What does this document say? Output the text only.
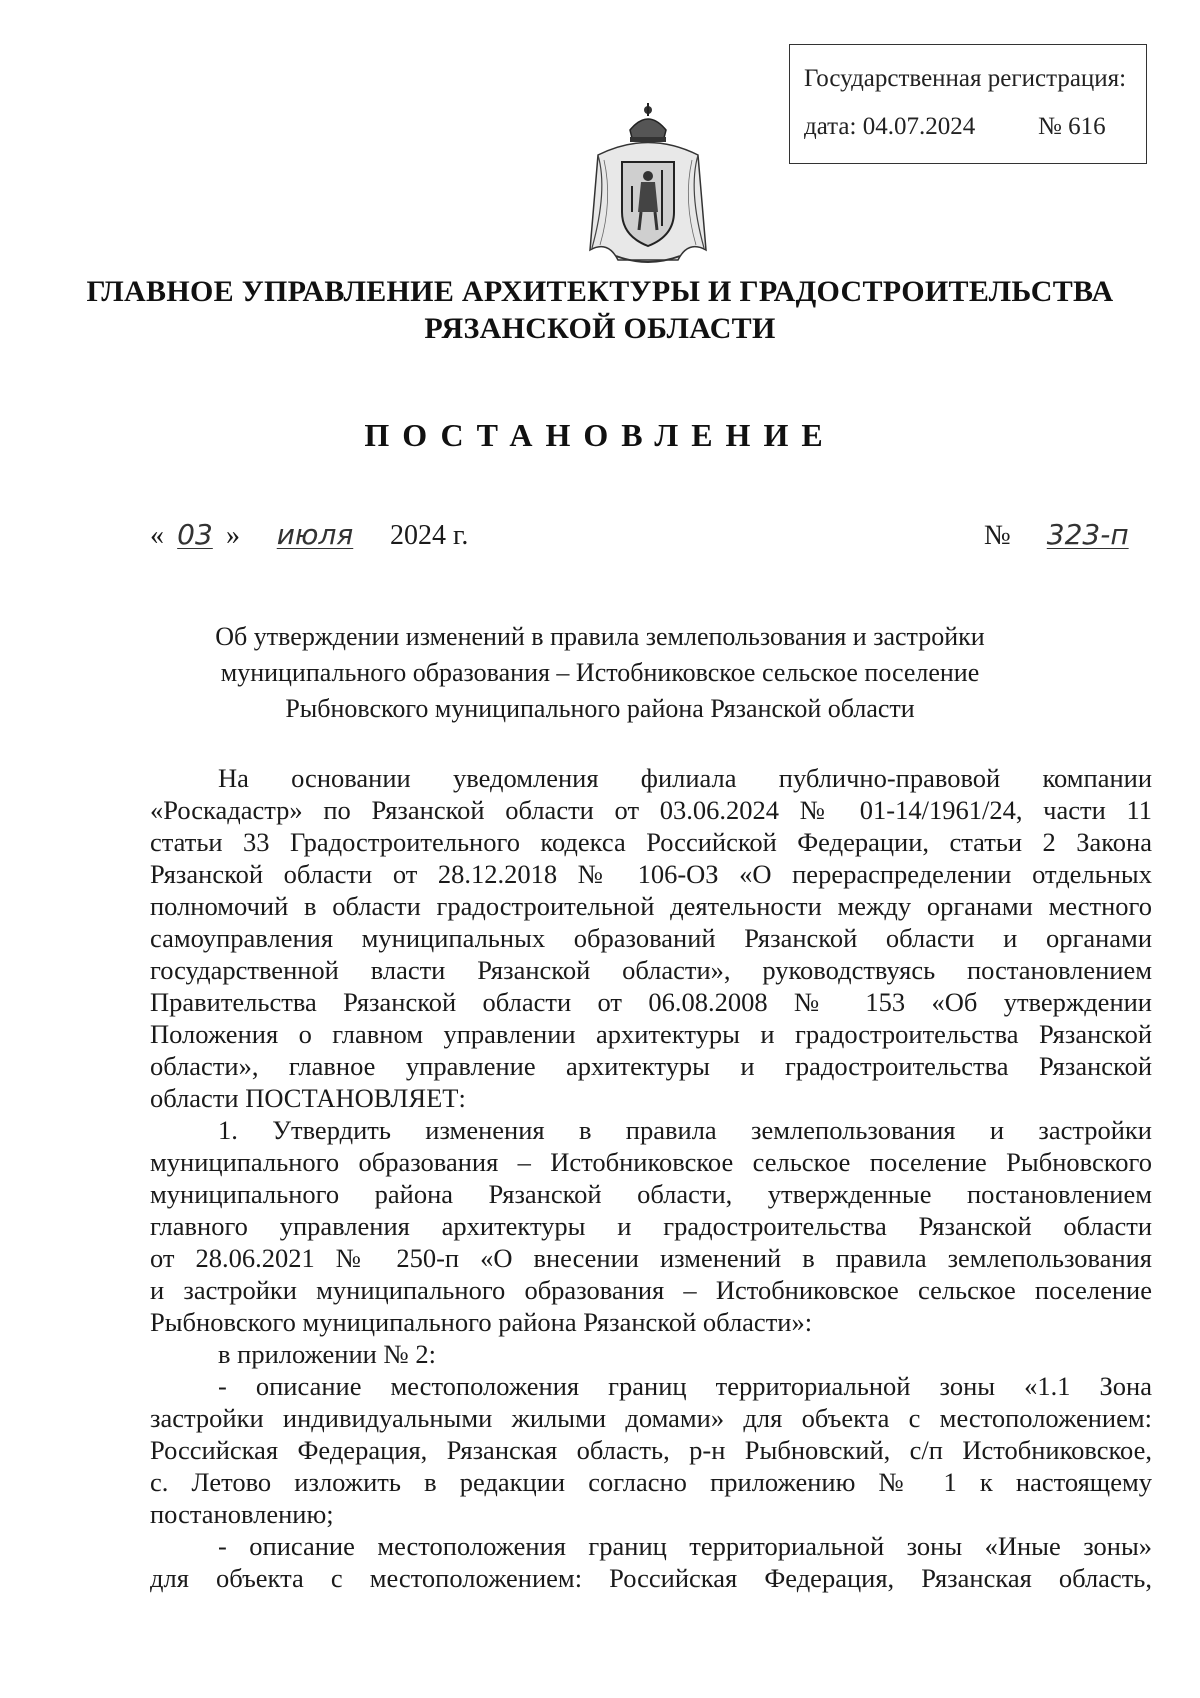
Государственная регистрация:
дата: 04.07.2024	№ 616
ГЛАВНОЕ УПРАВЛЕНИЕ АРХИТЕКТУРЫ И ГРАДОСТРОИТЕЛЬСТВА
РЯЗАНСКОЙ ОБЛАСТИ
ПОСТАНОВЛЕНИЕ
« 03 » июля 2024 г.	№ 323-п
Об утверждении изменений в правила землепользования и застройки
муниципального образования – Истобниковское сельское поселение
Рыбновского муниципального района Рязанской области
На основании уведомления филиала публично-правовой компании
«Роскадастр» по Рязанской области от 03.06.2024 № 01-14/1961/24, части 11
статьи 33 Градостроительного кодекса Российской Федерации, статьи 2 Закона
Рязанской области от 28.12.2018 № 106-ОЗ «О перераспределении отдельных
полномочий в области градостроительной деятельности между органами местного
самоуправления муниципальных образований Рязанской области и органами
государственной власти Рязанской области», руководствуясь постановлением
Правительства Рязанской области от 06.08.2008 № 153 «Об утверждении
Положения о главном управлении архитектуры и градостроительства Рязанской
области», главное управление архитектуры и градостроительства Рязанской
области ПОСТАНОВЛЯЕТ:
1. Утвердить изменения в правила землепользования и застройки
муниципального образования – Истобниковское сельское поселение Рыбновского
муниципального района Рязанской области, утвержденные постановлением
главного управления архитектуры и градостроительства Рязанской области
от 28.06.2021 № 250-п «О внесении изменений в правила землепользования
и застройки муниципального образования – Истобниковское сельское поселение
Рыбновского муниципального района Рязанской области»:
в приложении № 2:
- описание местоположения границ территориальной зоны «1.1 Зона
застройки индивидуальными жилыми домами» для объекта с местоположением:
Российская Федерация, Рязанская область, р-н Рыбновский, с/п Истобниковское,
с. Летово изложить в редакции согласно приложению № 1 к настоящему
постановлению;
- описание местоположения границ территориальной зоны «Иные зоны»
для объекта с местоположением: Российская Федерация, Рязанская область,
